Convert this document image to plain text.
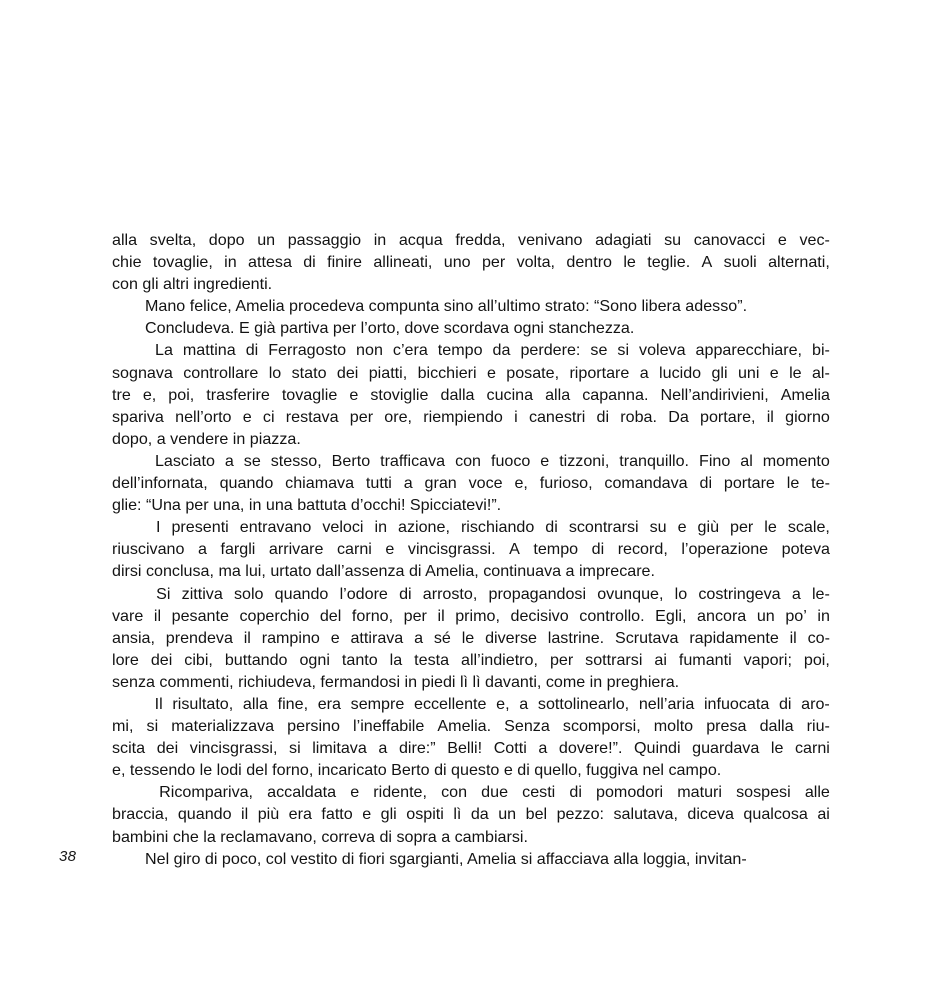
alla svelta, dopo un passaggio in acqua fredda, venivano adagiati su canovacci e vec-
chie tovaglie, in attesa di finire allineati, uno per volta, dentro le teglie. A suoli alternati,
con gli altri ingredienti.

Mano felice, Amelia procedeva compunta sino all’ultimo strato: “Sono libera adesso”.

Concludeva. E già partiva per l’orto, dove scordava ogni stanchezza.

La mattina di Ferragosto non c’era tempo da perdere: se si voleva apparecchiare, bi-
sognava controllare lo stato dei piatti, bicchieri e posate, riportare a lucido gli uni e le al-
tre e, poi, trasferire tovaglie e stoviglie dalla cucina alla capanna. Nell’andirivieni, Amelia
spariva nell’orto e ci restava per ore, riempiendo i canestri di roba. Da portare, il giorno
dopo, a vendere in piazza.

Lasciato a se stesso, Berto trafficava con fuoco e tizzoni, tranquillo. Fino al momento
dell’infornata, quando chiamava tutti a gran voce e, furioso, comandava di portare le te-
glie: “Una per una, in una battuta d’occhi! Spicciatevi!”.

I presenti entravano veloci in azione, rischiando di scontrarsi su e giù per le scale,
riuscivano a fargli arrivare carni e vincisgrassi. A tempo di record, l’operazione poteva
dirsi conclusa, ma lui, urtato dall’assenza di Amelia, continuava a imprecare.

Si zittiva solo quando l’odore di arrosto, propagandosi ovunque, lo costringeva a le-
vare il pesante coperchio del forno, per il primo, decisivo controllo. Egli, ancora un po’ in
ansia, prendeva il rampino e attirava a sé le diverse lastrine. Scrutava rapidamente il co-
lore dei cibi, buttando ogni tanto la testa all’indietro, per sottrarsi ai fumanti vapori; poi,
senza commenti, richiudeva, fermandosi in piedi lì lì davanti, come in preghiera.

Il risultato, alla fine, era sempre eccellente e, a sottolinearlo, nell’aria infuocata di aro-
mi, si materializzava persino l’ineffabile Amelia. Senza scomporsi, molto presa dalla riu-
scita dei vincisgrassi, si limitava a dire:” Belli! Cotti a dovere!”. Quindi guardava le carni
e, tessendo le lodi del forno, incaricato Berto di questo e di quello, fuggiva nel campo.

Ricompariva, accaldata e ridente, con due cesti di pomodori maturi sospesi alle
braccia, quando il più era fatto e gli ospiti lì da un bel pezzo: salutava, diceva qualcosa ai
bambini che la reclamavano, correva di sopra a cambiarsi.

Nel giro di poco, col vestito di fiori sgargianti, Amelia si affacciava alla loggia, invitan-

38
